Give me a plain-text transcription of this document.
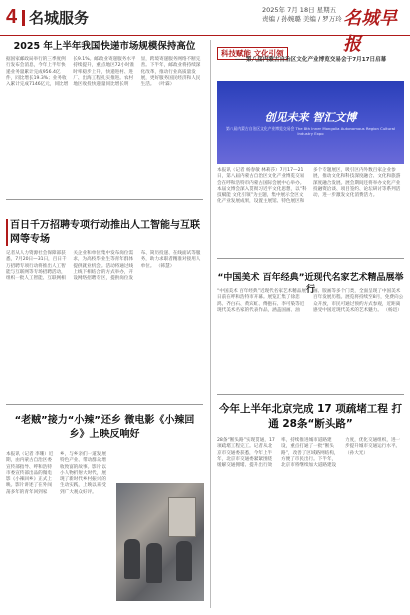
4 名城服务	2025年 7月 18日 星期五
责编 / 孙婉璐 美编 / 罗万玲 名城早报
2025 年上半年我国快递市场规模保持高位
据国家邮政局举行的三季度例行发布会消息，今年上半年快递业务量累计完成956.4亿件，同比增长19.3%；业务收入累计完成7146亿元，同比增长9.1%。邮政业寄递服务水平持续提升，重点地区72小时准时率稳步上升，快递进村、进厂、出海工程扎实推进。农村地区收投快递量同比增长明显，跨境寄递服务网络不断完善。下半年，邮政业将持续深化改革，推动行业高质量发展，更好服务国民经济和人民生活。 （叶霖）
百日千万招聘专项行动推出人工智能与互联网等专场
记者从人力资源社会保障部获悉，7月20日—31日，百日千万招聘专项行动将推出人工智能与互联网等专场招聘活动，组织一批人工智能、互联网相关企业和单位集中发布岗位需求，为高校毕业生等青年群体提供就业机会。活动将通过线上线下相结合的方式举办，开设网络招聘专区，提供岗位发布、简历投递、在线面试等服务，助力求职者精准对接用人单位。 （韩慧）
“老贼”接力“小辣”还乡 微电影《小辣回乡》上映反响好
本报讯（记者 李珊）近期，由内蒙古自治区委宣传部指导、呼和浩特市委宣传部出品的微电影《小辣回乡》正式上映。影片讲述了在外闯荡多年的青年回到家乡，与乡亲们一道发展特色产业、带动群众增收致富的故事。影片以小人物折射大时代，展现了新时代乡村振兴的生动实践，上映以来受到广大观众好评。
科技赋能 文化引领
——第八届内蒙古自治区文化产业博览交易会于7月17日启幕
创见未来 智汇文博
第八届内蒙古自治区文化产业博览交易会 The 8th Inner Mongolia Autonomous Region Cultural Industry Expo
本报讯（记者 杨春敏 林莉莎）7月17—21日，第八届内蒙古自治区文化产业博览交易会在呼和浩特市内蒙古国际会展中心举办。本届文博会深入贯彻习近平文化思想，以“科技赋能 文化引领”为主题，集中展示全区文化产业发展成果，设置主展馆、特色展区和多个专题展区，吸引区内外数百家企业参展，推动文化和科技深度融合、文化和旅游深度融合发展。展会期间还将举办文化产业投融资洽谈、项目签约、论坛研讨等系列活动，进一步激发文化消费活力。
“中国美术 百年经典”近现代名家艺术精品展举行
“中国美术 百年经典”近现代名家艺术精品展日前在呼和浩特市开幕。展览汇集了徐悲鸿、齐白石、黄宾虹、傅抱石、李可染等近现代美术名家的代表作品，涵盖国画、油画、版画等多个门类，全面呈现了中国美术百年发展历程。展览将持续至8月，免费向公众开放，市民可通过预约方式参观，近距离感受中国近现代美术的艺术魅力。 （杨迅）
今年上半年北京完成 17 项疏堵工程 打通 28条“断头路”
28条“断头路”实现贯通，17项疏堵工程完工。记者从北京市交通委获悉，今年上半年，北京市交通委紧紧围绕缓解交通拥堵、提升出行效率，持续推进城市道路建设，重点打通了一批“断头路”，改善了区域路网结构，方便了市民出行。下半年，北京市将继续加大道路建设力度，优化交通组织，进一步提升城市交通运行水平。 （孙大光）
